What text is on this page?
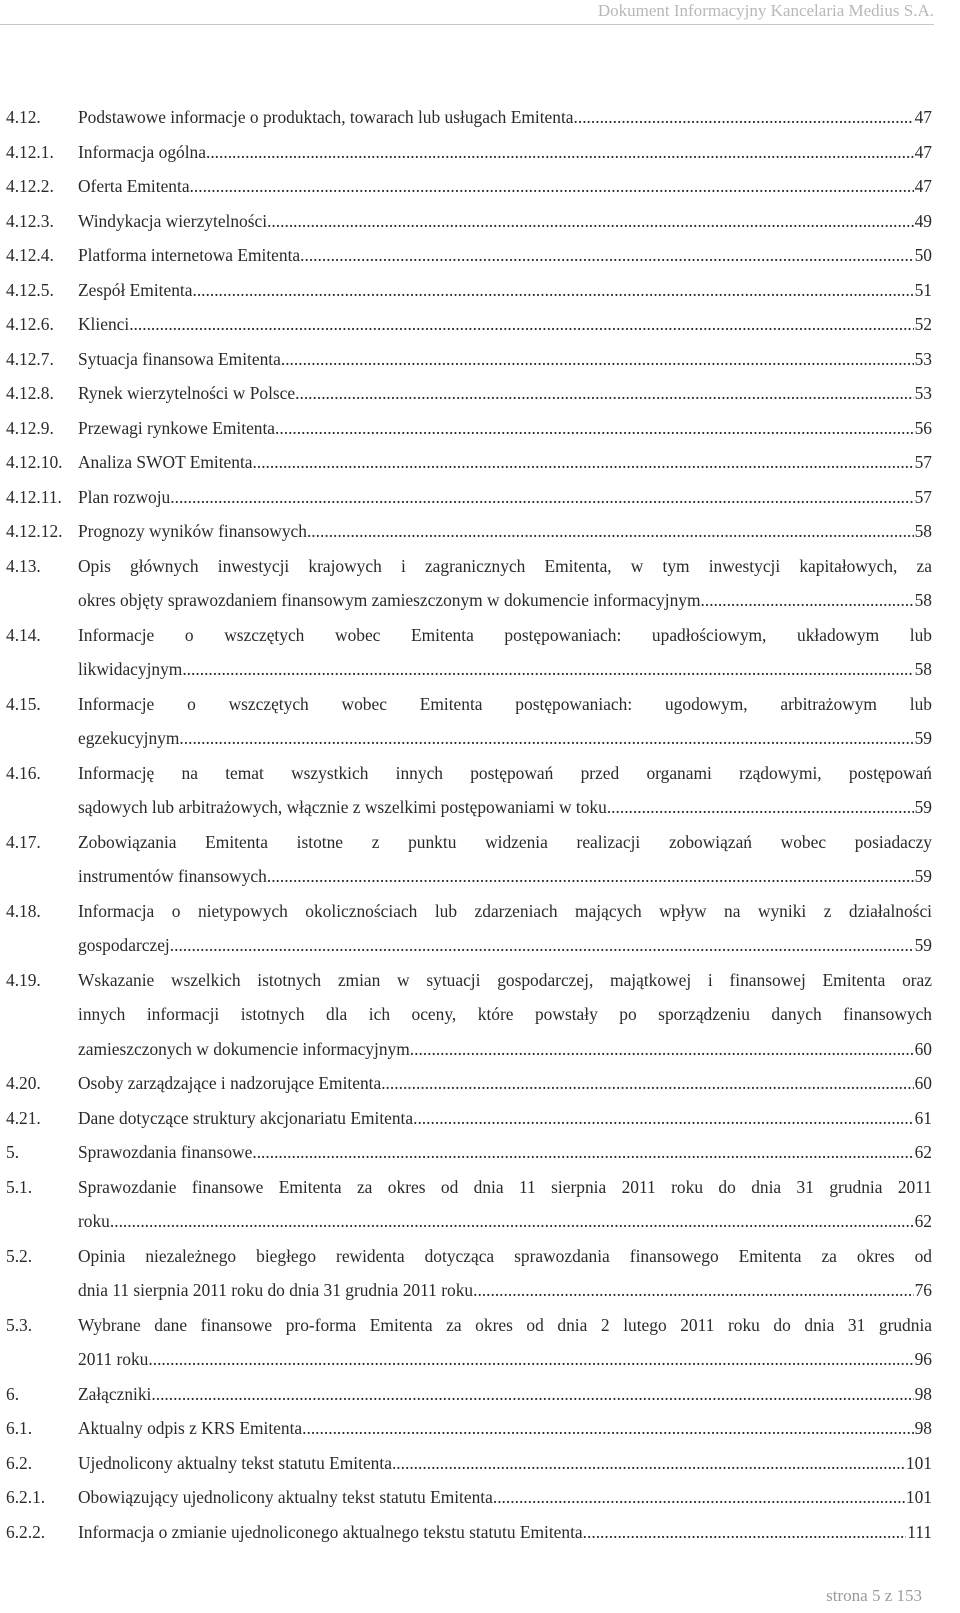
Dokument Informacyjny Kancelaria Medius S.A.
4.12.	Podstawowe informacje o produktach, towarach lub usługach Emitenta .....	47
4.12.1.	Informacja ogólna .....	47
4.12.2.	Oferta Emitenta .....	47
4.12.3.	Windykacja wierzytelności .....	49
4.12.4.	Platforma internetowa Emitenta .....	50
4.12.5.	Zespół Emitenta .....	51
4.12.6.	Klienci .....	52
4.12.7.	Sytuacja finansowa Emitenta .....	53
4.12.8.	Rynek wierzytelności w Polsce .....	53
4.12.9.	Przewagi rynkowe Emitenta .....	56
4.12.10. Analiza SWOT Emitenta .....	57
4.12.11. Plan rozwoju .....	57
4.12.12. Prognozy wyników finansowych .....	58
4.13.	Opis głównych inwestycji krajowych i zagranicznych Emitenta, w tym inwestycji kapitałowych, za
okres objęty sprawozdaniem finansowym zamieszczonym w dokumencie informacyjnym .....	58
4.14.	Informacje o wszczętych wobec Emitenta postępowaniach: upadłościowym, układowym lub
likwidacyjnym .....	58
4.15.	Informacje o wszczętych wobec Emitenta postępowaniach: ugodowym, arbitrażowym lub
egzekucyjnym .....	59
4.16.	Informację na temat wszystkich innych postępowań przed organami rządowymi, postępowań
sądowych lub arbitrażowych, włącznie z wszelkimi postępowaniami w toku .....	59
4.17.	Zobowiązania Emitenta istotne z punktu widzenia realizacji zobowiązań wobec posiadaczy
instrumentów finansowych .....	59
4.18.	Informacja o nietypowych okolicznościach lub zdarzeniach mających wpływ na wyniki z działalności
gospodarczej .....	59
4.19.	Wskazanie wszelkich istotnych zmian w sytuacji gospodarczej, majątkowej i finansowej Emitenta oraz
innych informacji istotnych dla ich oceny, które powstały po sporządzeniu danych finansowych
zamieszczonych w dokumencie informacyjnym .....	60
4.20.	Osoby zarządzające i nadzorujące Emitenta .....	60
4.21.	Dane dotyczące struktury akcjonariatu Emitenta .....	61
5.	Sprawozdania finansowe .....	62
5.1.	Sprawozdanie finansowe Emitenta za okres od dnia 11 sierpnia 2011 roku do dnia 31 grudnia 2011
roku .....	62
5.2.	Opinia niezależnego biegłego rewidenta dotycząca sprawozdania finansowego Emitenta za okres od
dnia 11 sierpnia 2011 roku do dnia 31 grudnia 2011 roku .....	76
5.3.	Wybrane dane finansowe pro-forma Emitenta za okres od dnia 2 lutego 2011 roku do dnia 31 grudnia
2011 roku .....	96
6.	Załączniki .....	98
6.1.	Aktualny odpis z KRS Emitenta .....	98
6.2.	Ujednolicony aktualny tekst statutu Emitenta .....	101
6.2.1.	Obowiązujący ujednolicony aktualny tekst statutu Emitenta .....	101
6.2.2.	Informacja o zmianie ujednoliconego aktualnego tekstu statutu Emitenta .....	111
strona 5 z 153
